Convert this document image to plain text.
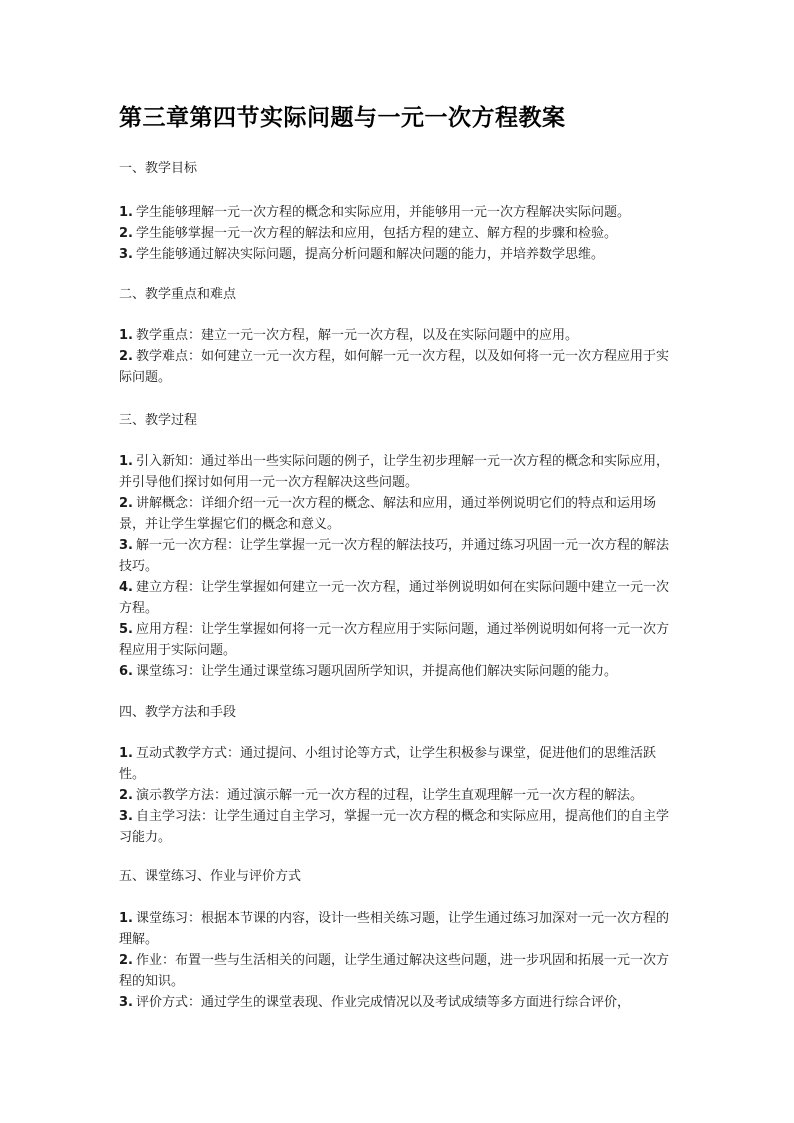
第三章第四节实际问题与一元一次方程教案
一、教学目标
1. 学生能够理解一元一次方程的概念和实际应用，并能够用一元一次方程解决实际问题。
2. 学生能够掌握一元一次方程的解法和应用，包括方程的建立、解方程的步骤和检验。
3. 学生能够通过解决实际问题，提高分析问题和解决问题的能力，并培养数学思维。
二、教学重点和难点
1. 教学重点：建立一元一次方程，解一元一次方程，以及在实际问题中的应用。
2. 教学难点：如何建立一元一次方程，如何解一元一次方程，以及如何将一元一次方程应用于实际问题。
三、教学过程
1. 引入新知：通过举出一些实际问题的例子，让学生初步理解一元一次方程的概念和实际应用，并引导他们探讨如何用一元一次方程解决这些问题。
2. 讲解概念：详细介绍一元一次方程的概念、解法和应用，通过举例说明它们的特点和运用场景，并让学生掌握它们的概念和意义。
3. 解一元一次方程：让学生掌握一元一次方程的解法技巧，并通过练习巩固一元一次方程的解法技巧。
4. 建立方程：让学生掌握如何建立一元一次方程，通过举例说明如何在实际问题中建立一元一次方程。
5. 应用方程：让学生掌握如何将一元一次方程应用于实际问题，通过举例说明如何将一元一次方程应用于实际问题。
6. 课堂练习：让学生通过课堂练习题巩固所学知识，并提高他们解决实际问题的能力。
四、教学方法和手段
1. 互动式教学方式：通过提问、小组讨论等方式，让学生积极参与课堂，促进他们的思维活跃性。
2. 演示教学方法：通过演示解一元一次方程的过程，让学生直观理解一元一次方程的解法。
3. 自主学习法：让学生通过自主学习，掌握一元一次方程的概念和实际应用，提高他们的自主学习能力。
五、课堂练习、作业与评价方式
1. 课堂练习：根据本节课的内容，设计一些相关练习题，让学生通过练习加深对一元一次方程的理解。
2. 作业：布置一些与生活相关的问题，让学生通过解决这些问题，进一步巩固和拓展一元一次方程的知识。
3. 评价方式：通过学生的课堂表现、作业完成情况以及考试成绩等多方面进行综合评价，
